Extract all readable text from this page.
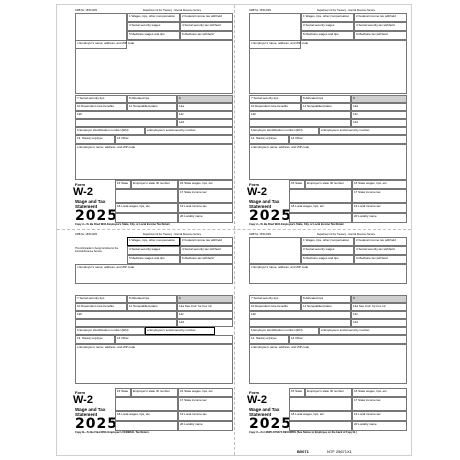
OMB No. 1545-0029	Department of the Treasury - Internal Revenue Service
1 Wages, tips, other compensation 2 Federal income tax withheld
3 Social security wages	4 Social security tax withheld
5 Medicare wages and tips	6 Medicare tax withheld
c Employer's name, address, and ZIP code
7 Social security tips	8 Allocated tips	9
10 Dependent care benefits	11 Nonqualified plans	12a
12b	12c
12d
b Employer identification number (EIN)	a Employee's social security number
13 Statutory employee	14 Other
e Employee's name, address, and ZIP code
OMB No. 1545-0029	Department of the Treasury - Internal Revenue Service
1 Wages, tips, other compensation 2 Federal income tax withheld
3 Social security wages	4 Social security tax withheld
5 Medicare wages and tips	6 Medicare tax withheld
c Employer's name, address, and ZIP code
7 Social security tips	8 Allocated tips	9
10 Dependent care benefits	11 Nonqualified plans	12a
12b	12c
12d
b Employer identification number (EIN)	a Employee's social security number
13 Statutory employee	14 Other
e Employee's name, address, and ZIP code
Form
W-2
Wage and Tax
Statement
2025
Copy 2—To Be Filed With Employee's State, City, or Local Income Tax Return
15 State Employer's state ID number	16 State wages, tips, etc.
17 State income tax
18 Local wages, tips, etc.	19 Local income tax
20 Locality name
Form
W-2
Wage and Tax
Statement
2025
Copy 2—To Be Filed With Employee's State, City, or Local Income Tax Return
15 State Employer's state ID number	16 State wages, tips, etc.
17 State income tax
18 Local wages, tips, etc.	19 Local income tax
20 Locality name
OMB No. 1545-0029	Department of the Treasury - Internal Revenue Service
This information is being furnished to the Internal Revenue Service.
1 Wages, tips, other compensation 2 Federal income tax withheld
3 Social security wages	4 Social security tax withheld
5 Medicare wages and tips	6 Medicare tax withheld
c Employer's name, address, and ZIP code
7 Social security tips	8 Allocated tips	9
10 Dependent care benefits	11 Nonqualified plans	12a See instr. for box 12
12b	12c
12d
b Employer identification number (EIN)	a Employee's social security number
13 Statutory employee	14 Other
e Employee's name, address, and ZIP code
OMB No. 1545-0029	Department of the Treasury - Internal Revenue Service
1 Wages, tips, other compensation 2 Federal income tax withheld
3 Social security wages	4 Social security tax withheld
5 Medicare wages and tips	6 Medicare tax withheld
c Employer's name, address, and ZIP code
7 Social security tips	8 Allocated tips	9
10 Dependent care benefits	11 Nonqualified plans	12a See instr. for box 12
12b	12c
12d
b Employer identification number (EIN)	a Employee's social security number
13 Statutory employee	14 Other
e Employee's name, address, and ZIP code
Form
W-2
Wage and Tax
Statement
2025
Copy B—To Be Filed With Employee's FEDERAL Tax Return.
15 State Employer's state ID number	16 State wages, tips, etc.
17 State income tax
18 Local wages, tips, etc.	19 Local income tax
20 Locality name
Form
W-2
Wage and Tax
Statement
2025
Copy C—For EMPLOYEE'S RECORDS (See Notice to Employee on the back of Copy B.)
15 State Employer's state ID number	16 State wages, tips, etc.
17 State income tax
18 Local wages, tips, etc.	19 Local income tax
20 Locality name
B0071	NTF 25671X1
